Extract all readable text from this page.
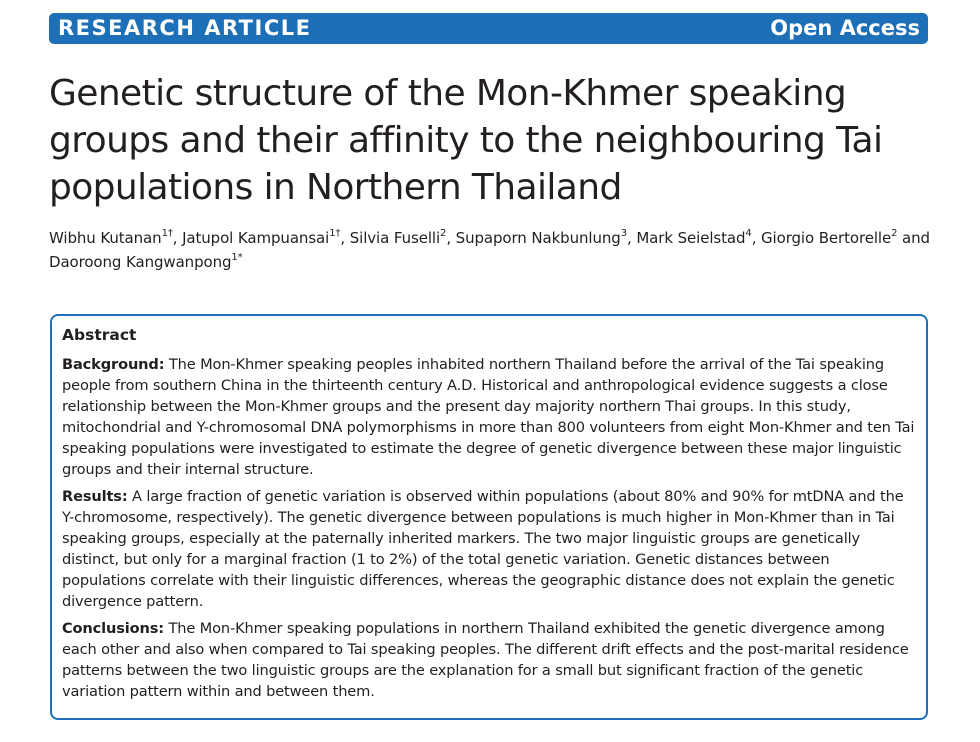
RESEARCH ARTICLE	Open Access
Genetic structure of the Mon-Khmer speaking groups and their affinity to the neighbouring Tai populations in Northern Thailand
Wibhu Kutanan$^{1\dagger}$, Jatupol Kampuansai$^{1\dagger}$, Silvia Fuselli$^2$, Supaporn Nakbunlung$^3$, Mark Seielstad$^4$, Giorgio Bertorelle$^2$ and Daoroong Kangwanpong$^{1*}$
Abstract

Background: The Mon-Khmer speaking peoples inhabited northern Thailand before the arrival of the Tai speaking people from southern China in the thirteenth century A.D. Historical and anthropological evidence suggests a close relationship between the Mon-Khmer groups and the present day majority northern Thai groups. In this study, mitochondrial and Y-chromosomal DNA polymorphisms in more than 800 volunteers from eight Mon-Khmer and ten Tai speaking populations were investigated to estimate the degree of genetic divergence between these major linguistic groups and their internal structure.

Results: A large fraction of genetic variation is observed within populations (about 80% and 90% for mtDNA and the Y-chromosome, respectively). The genetic divergence between populations is much higher in Mon-Khmer than in Tai speaking groups, especially at the paternally inherited markers. The two major linguistic groups are genetically distinct, but only for a marginal fraction (1 to 2%) of the total genetic variation. Genetic distances between populations correlate with their linguistic differences, whereas the geographic distance does not explain the genetic divergence pattern.

Conclusions: The Mon-Khmer speaking populations in northern Thailand exhibited the genetic divergence among each other and also when compared to Tai speaking peoples. The different drift effects and the post-marital residence patterns between the two linguistic groups are the explanation for a small but significant fraction of the genetic variation pattern within and between them.
